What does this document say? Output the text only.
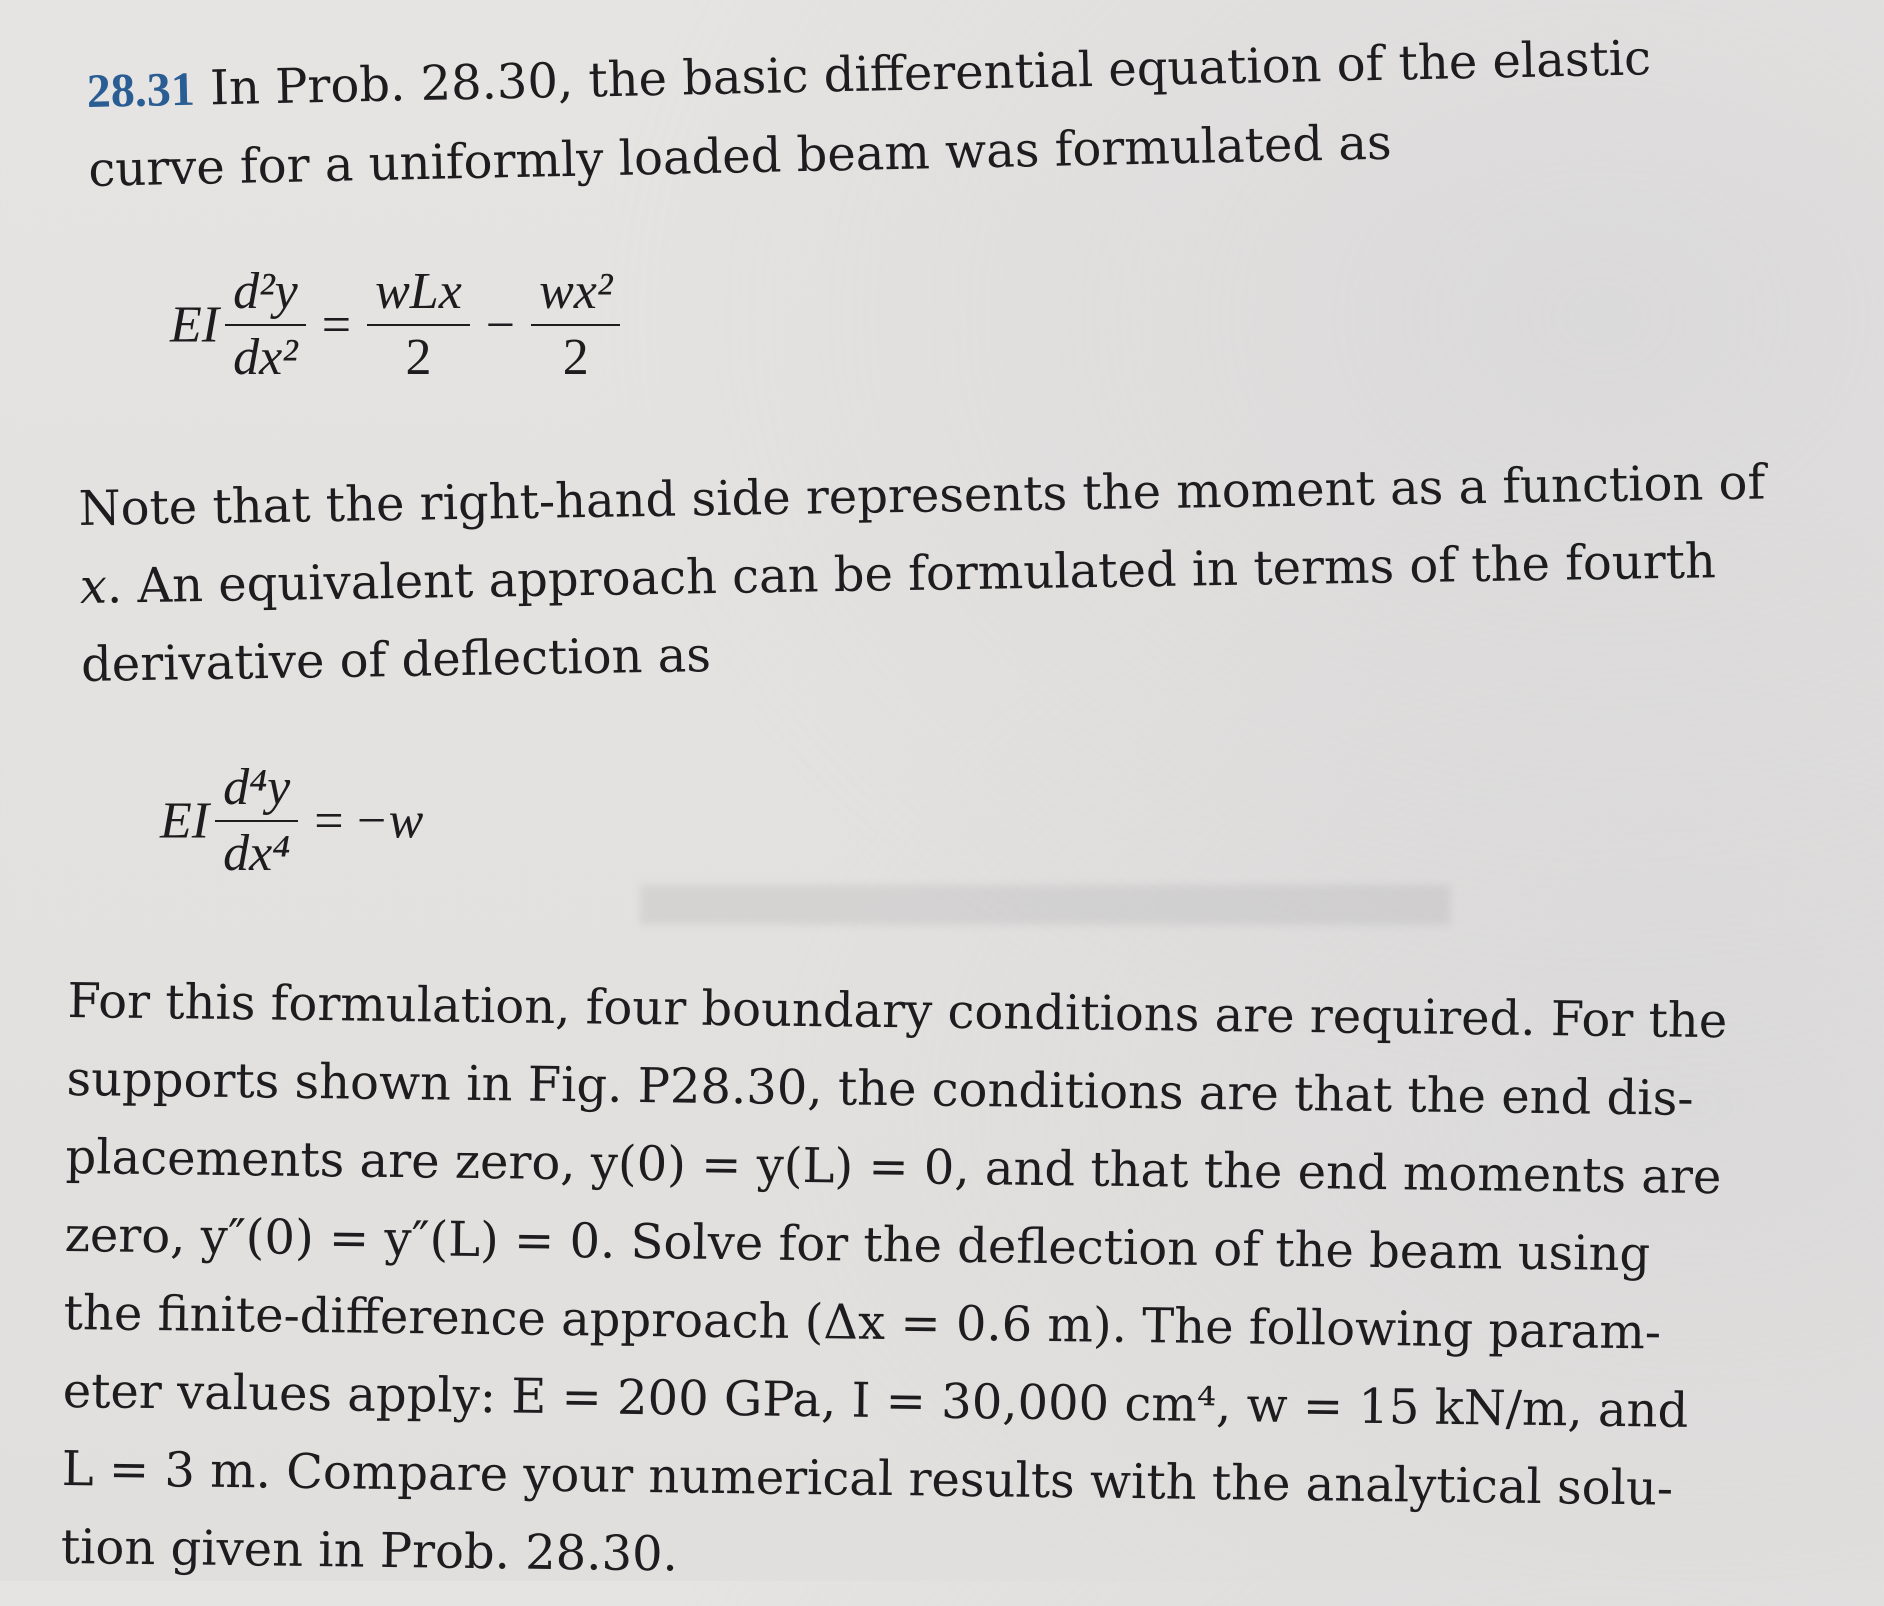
28.31 In Prob. 28.30, the basic differential equation of the elastic
curve for a uniformly loaded beam was formulated as
EI $\frac{\text{d²y}}{\text{dx²}} = \frac{\text{wLx}}{2} - \frac{\text{wx²}}{2}$
Note that the right-hand side represents the moment as a function of
x. An equivalent approach can be formulated in terms of the fourth
derivative of deflection as
EI $\frac{\text{d⁴y}}{\text{dx⁴}} = -w$
For this formulation, four boundary conditions are required. For the
supports shown in Fig. P28.30, the conditions are that the end dis-
placements are zero, y(0) = y(L) = 0, and that the end moments are
zero, y″(0) = y″(L) = 0. Solve for the deflection of the beam using
the finite-difference approach (Δx = 0.6 m). The following param-
eter values apply: E = 200 GPa, I = 30,000 cm⁴, w = 15 kN/m, and
L = 3 m. Compare your numerical results with the analytical solu-
tion given in Prob. 28.30.
